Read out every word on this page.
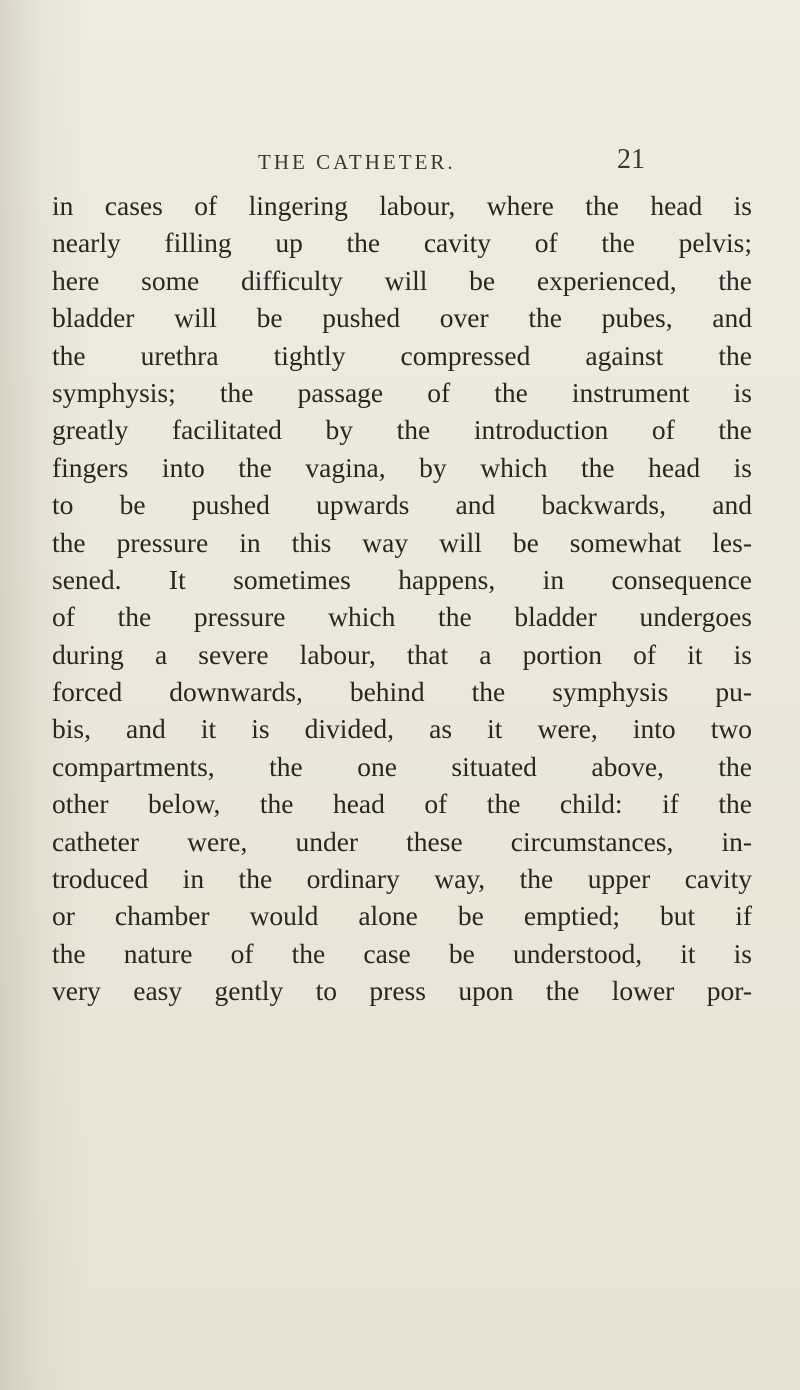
THE CATHETER.	21
in cases of lingering labour, where the head is
nearly filling up the cavity of the pelvis;
here some difficulty will be experienced, the
bladder will be pushed over the pubes, and
the urethra tightly compressed against the
symphysis; the passage of the instrument is
greatly facilitated by the introduction of the
fingers into the vagina, by which the head is
to be pushed upwards and backwards, and
the pressure in this way will be somewhat les-
sened. It sometimes happens, in consequence
of the pressure which the bladder undergoes
during a severe labour, that a portion of it is
forced downwards, behind the symphysis pu-
bis, and it is divided, as it were, into two
compartments, the one situated above, the
other below, the head of the child: if the
catheter were, under these circumstances, in-
troduced in the ordinary way, the upper cavity
or chamber would alone be emptied; but if
the nature of the case be understood, it is
very easy gently to press upon the lower por-
